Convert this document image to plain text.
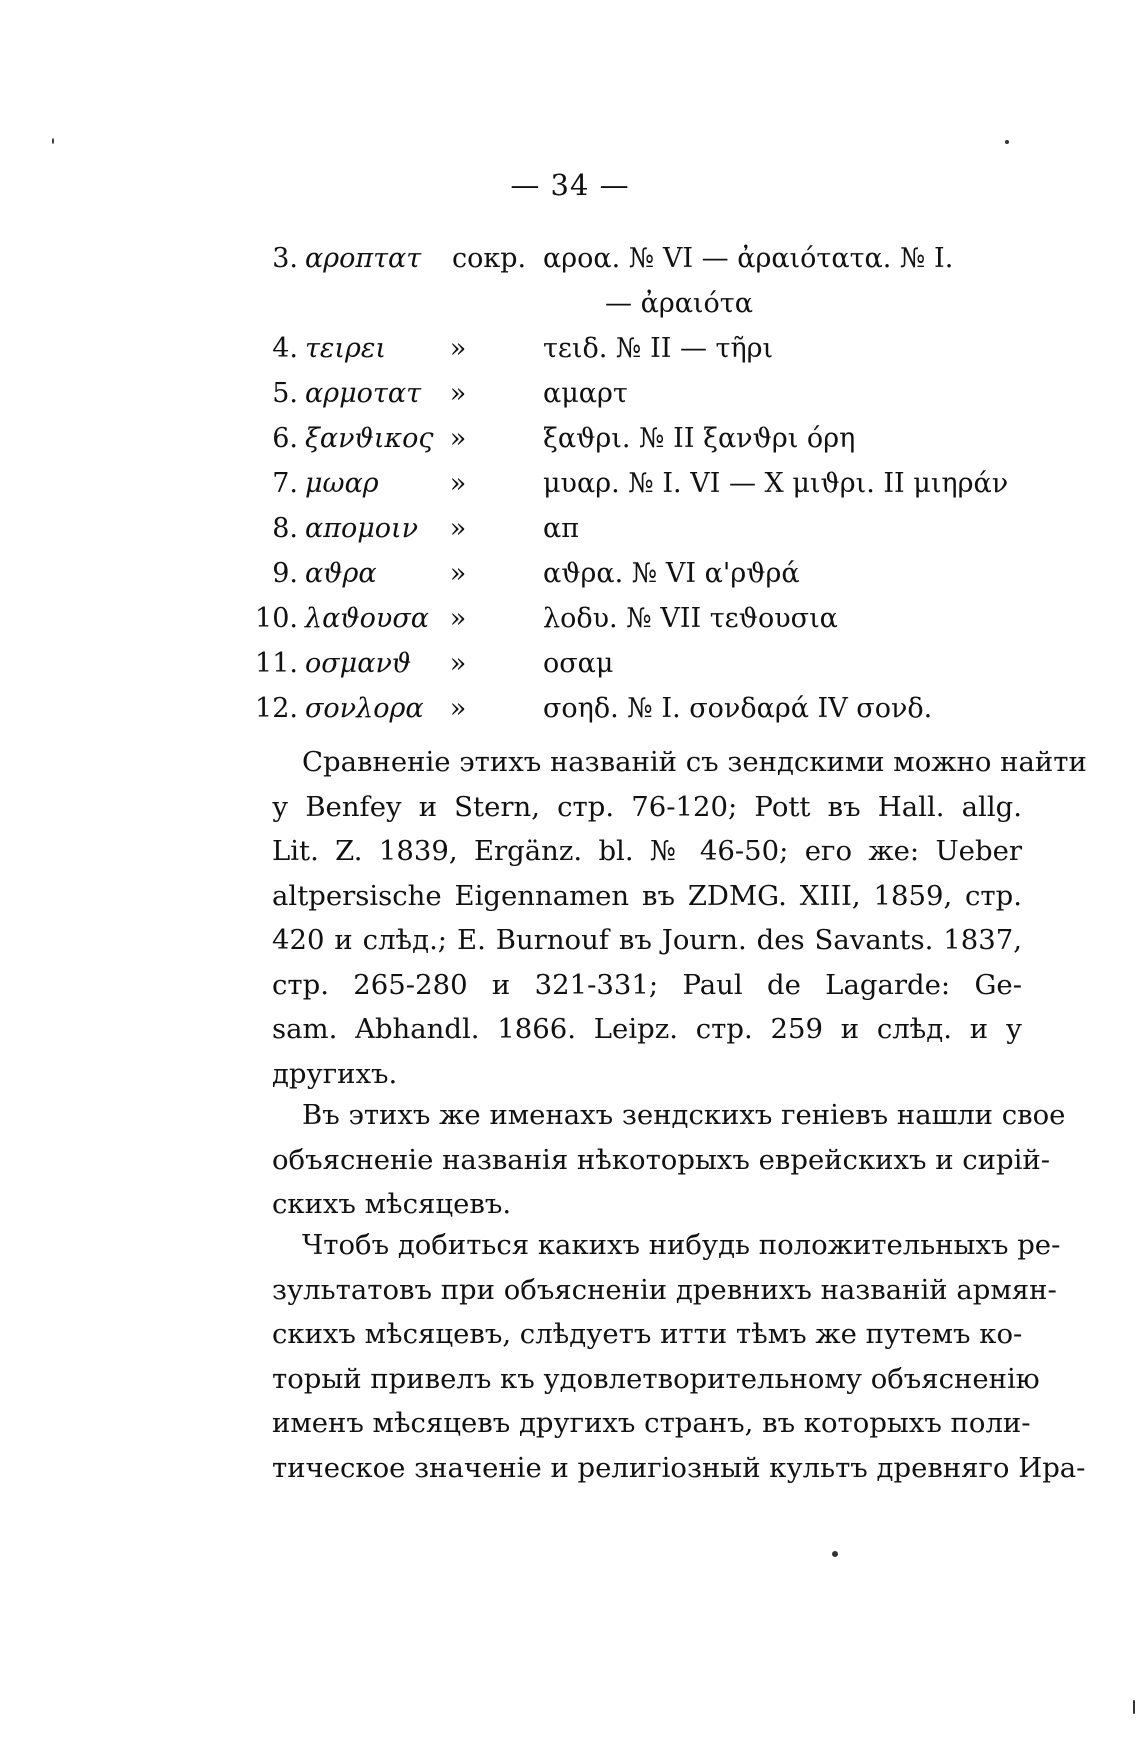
— 34 —
3. αροπτατ сокр. αροα. № VI — ἀραιότατα. № I.
— ἀραιότα
4. τειρει	»	τειδ. № II — τῆρι
5. αρμοτατ	»	αμαρτ
6. ξανϑικος »	ξαϑρι. № II ξανϑρι όρη
7. μωαρ	»	μυαρ. № I. VI — X μιϑρι. II μιηράν
8. απομοιν	»	απ
9. αϑρα	»	αϑρα. № VI α'ρϑρά
10. λαϑουσα »	λοδυ. № VII τεϑουσια
11. οσμανϑ	»	οσαμ
12. σονλορα »	σοηδ. № I. σονδαρά IV σονδ.
Сравненіе этихъ названій съ зендскими можно найти
у Benfey и Stern, стр. 76-120; Pott въ Hall. allg.
Lit. Z. 1839, Ergänz. bl. № 46-50; его же: Ueber
altpersische Eigennamen въ ZDMG. XIII, 1859, стр.
420 и слѣд.; E. Burnouf въ Journ. des Savants. 1837,
стр. 265-280 и 321-331; Paul de Lagarde: Ge-
sam. Abhandl. 1866. Leipz. стр. 259 и слѣд. и у
другихъ.
Въ этихъ же именахъ зендскихъ геніевъ нашли свое
объясненіе названія нѣкоторыхъ еврейскихъ и сирій-
скихъ мѣсяцевъ.
Чтобъ добиться какихъ нибудь положительныхъ ре-
зультатовъ при объясненіи древнихъ названій армян-
скихъ мѣсяцевъ, слѣдуетъ итти тѣмъ же путемъ ко-
торый привелъ къ удовлетворительному объясненію
именъ мѣсяцевъ другихъ странъ, въ которыхъ поли-
тическое значеніе и религіозный культъ древняго Ира-
